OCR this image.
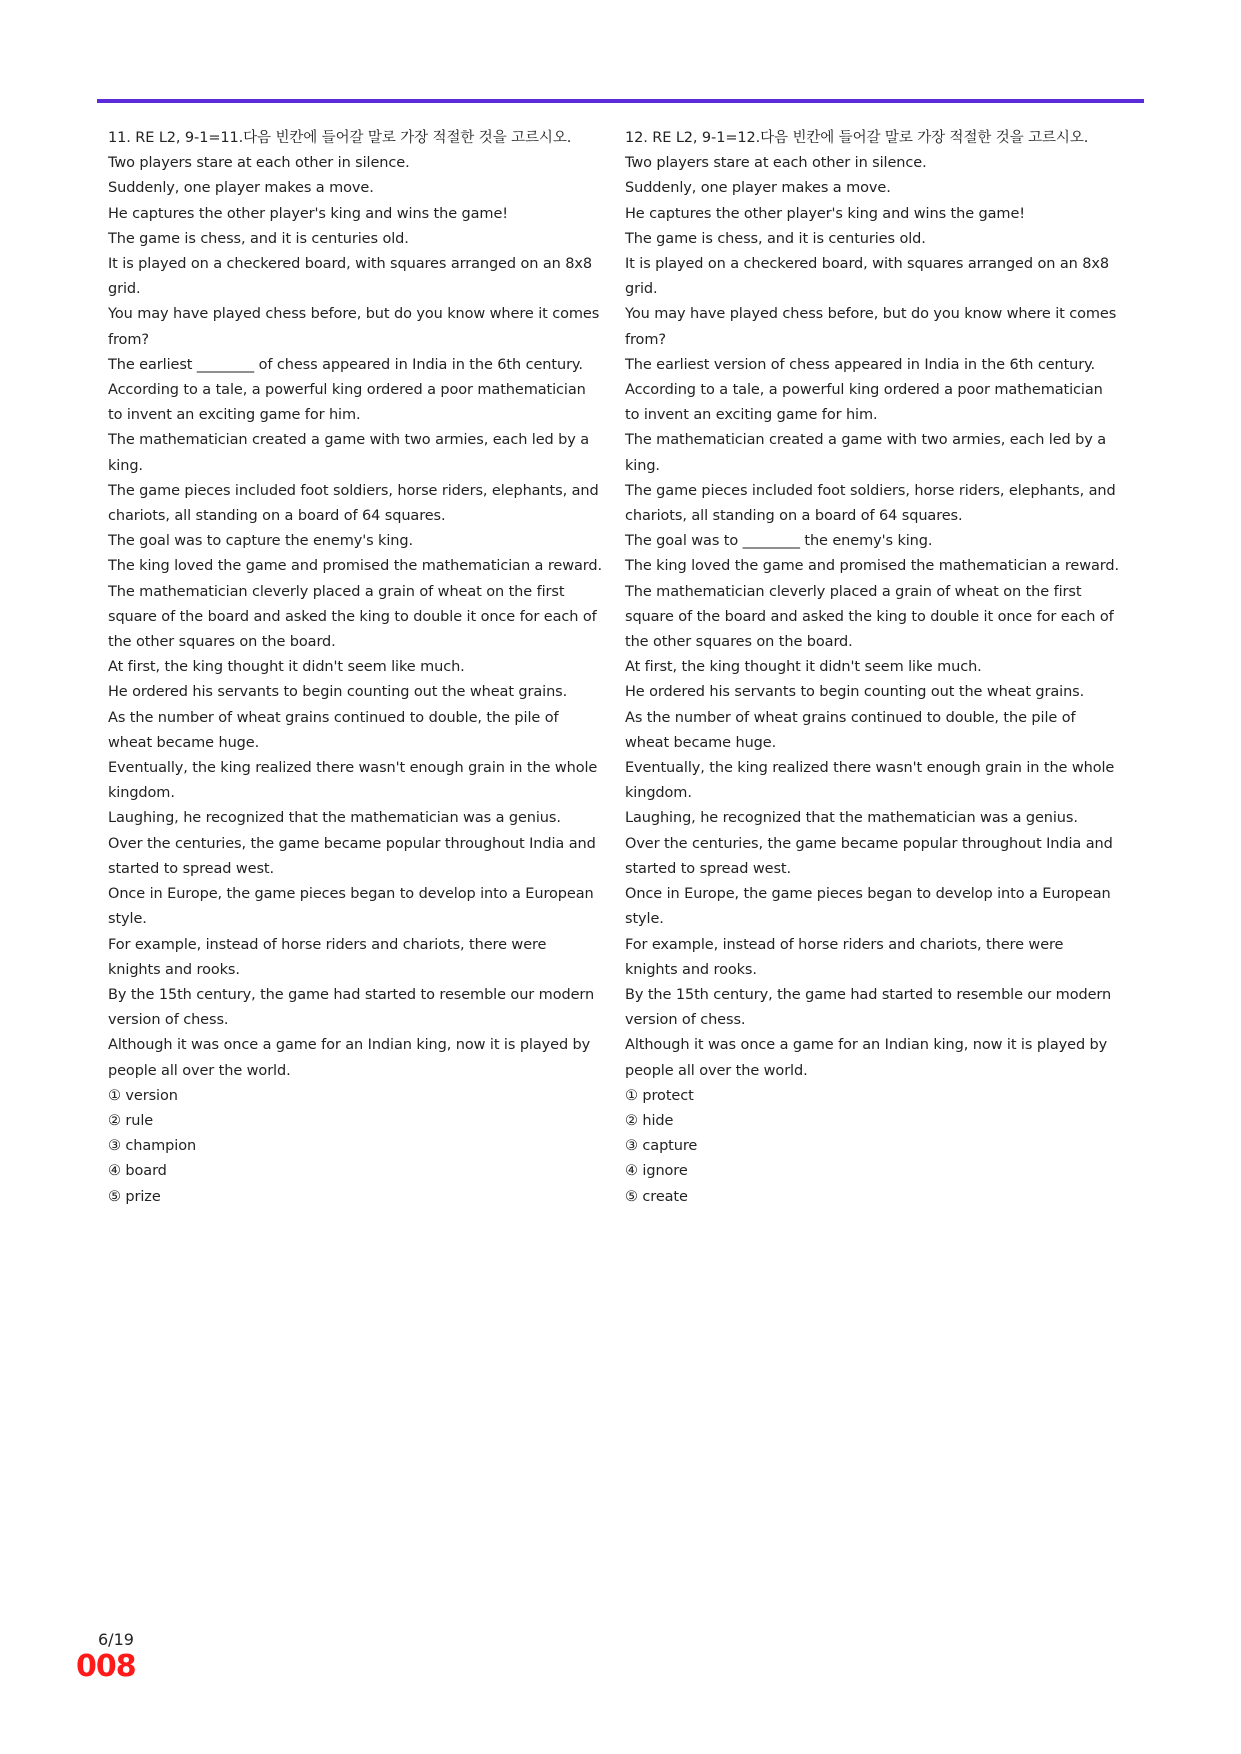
11. RE L2, 9-1=11.다음 빈칸에 들어갈 말로 가장 적절한 것을 고르시오.

Two players stare at each other in silence.

Suddenly, one player makes a move.

He captures the other player's king and wins the game!

The game is chess, and it is centuries old.

It is played on a checkered board, with squares arranged on an 8x8 grid.

You may have played chess before, but do you know where it comes from?

The earliest ________ of chess appeared in India in the 6th century.

According to a tale, a powerful king ordered a poor mathematician to invent an exciting game for him.

The mathematician created a game with two armies, each led by a king.

The game pieces included foot soldiers, horse riders, elephants, and chariots, all standing on a board of 64 squares.

The goal was to capture the enemy's king.

The king loved the game and promised the mathematician a reward.

The mathematician cleverly placed a grain of wheat on the first square of the board and asked the king to double it once for each of the other squares on the board.

At first, the king thought it didn't seem like much.

He ordered his servants to begin counting out the wheat grains.

As the number of wheat grains continued to double, the pile of wheat became huge.

Eventually, the king realized there wasn't enough grain in the whole kingdom.

Laughing, he recognized that the mathematician was a genius.

Over the centuries, the game became popular throughout India and started to spread west.

Once in Europe, the game pieces began to develop into a European style.

For example, instead of horse riders and chariots, there were knights and rooks.

By the 15th century, the game had started to resemble our modern version of chess.

Although it was once a game for an Indian king, now it is played by people all over the world.

① version

② rule

③ champion

④ board

⑤ prize

12. RE L2, 9-1=12.다음 빈칸에 들어갈 말로 가장 적절한 것을 고르시오.

Two players stare at each other in silence.

Suddenly, one player makes a move.

He captures the other player's king and wins the game!

The game is chess, and it is centuries old.

It is played on a checkered board, with squares arranged on an 8x8 grid.

You may have played chess before, but do you know where it comes from?

The earliest version of chess appeared in India in the 6th century.

According to a tale, a powerful king ordered a poor mathematician to invent an exciting game for him.

The mathematician created a game with two armies, each led by a king.

The game pieces included foot soldiers, horse riders, elephants, and chariots, all standing on a board of 64 squares.

The goal was to ________ the enemy's king.

The king loved the game and promised the mathematician a reward.

The mathematician cleverly placed a grain of wheat on the first square of the board and asked the king to double it once for each of the other squares on the board.

At first, the king thought it didn't seem like much.

He ordered his servants to begin counting out the wheat grains.

As the number of wheat grains continued to double, the pile of wheat became huge.

Eventually, the king realized there wasn't enough grain in the whole kingdom.

Laughing, he recognized that the mathematician was a genius.

Over the centuries, the game became popular throughout India and started to spread west.

Once in Europe, the game pieces began to develop into a European style.

For example, instead of horse riders and chariots, there were knights and rooks.

By the 15th century, the game had started to resemble our modern version of chess.

Although it was once a game for an Indian king, now it is played by people all over the world.

① protect

② hide

③ capture

④ ignore

⑤ create

6/19
008
